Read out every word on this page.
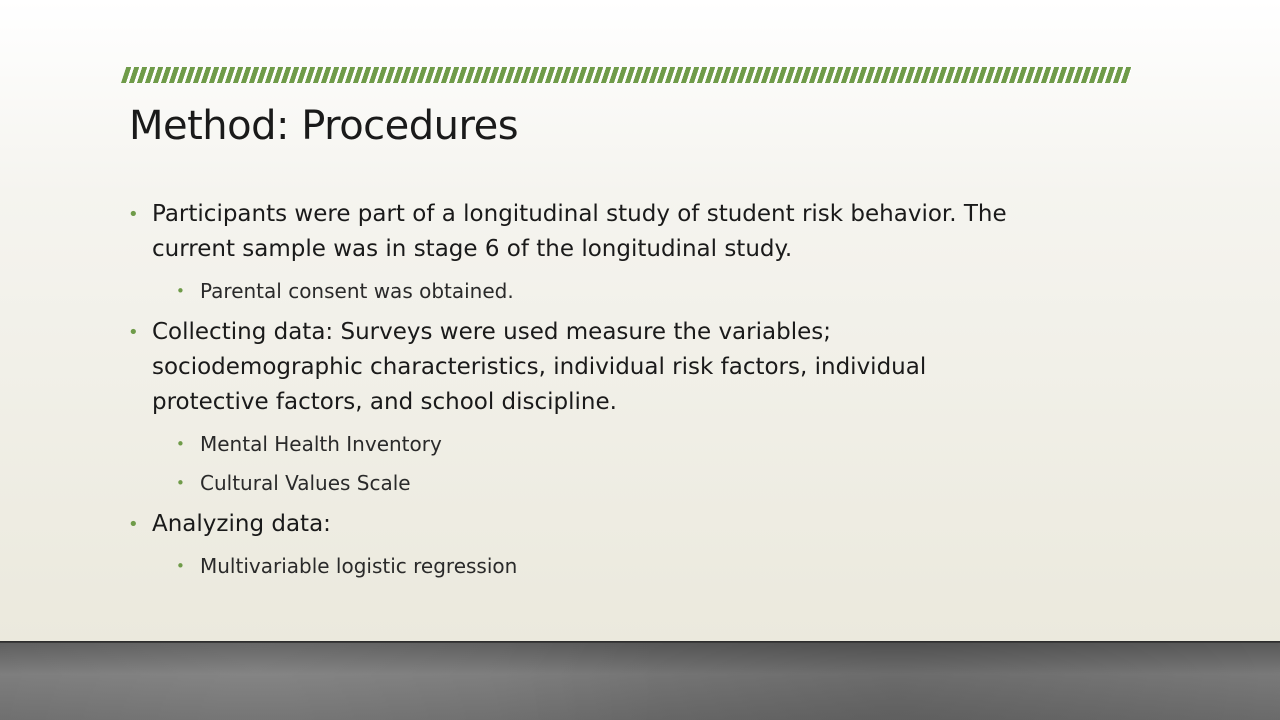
Method: Procedures
• Participants were part of a longitudinal study of student risk behavior. The
current sample was in stage 6 of the longitudinal study.
• Parental consent was obtained.
• Collecting data: Surveys were used measure the variables;
sociodemographic characteristics, individual risk factors, individual
protective factors, and school discipline.
• Mental Health Inventory
• Cultural Values Scale
• Analyzing data:
• Multivariable logistic regression
